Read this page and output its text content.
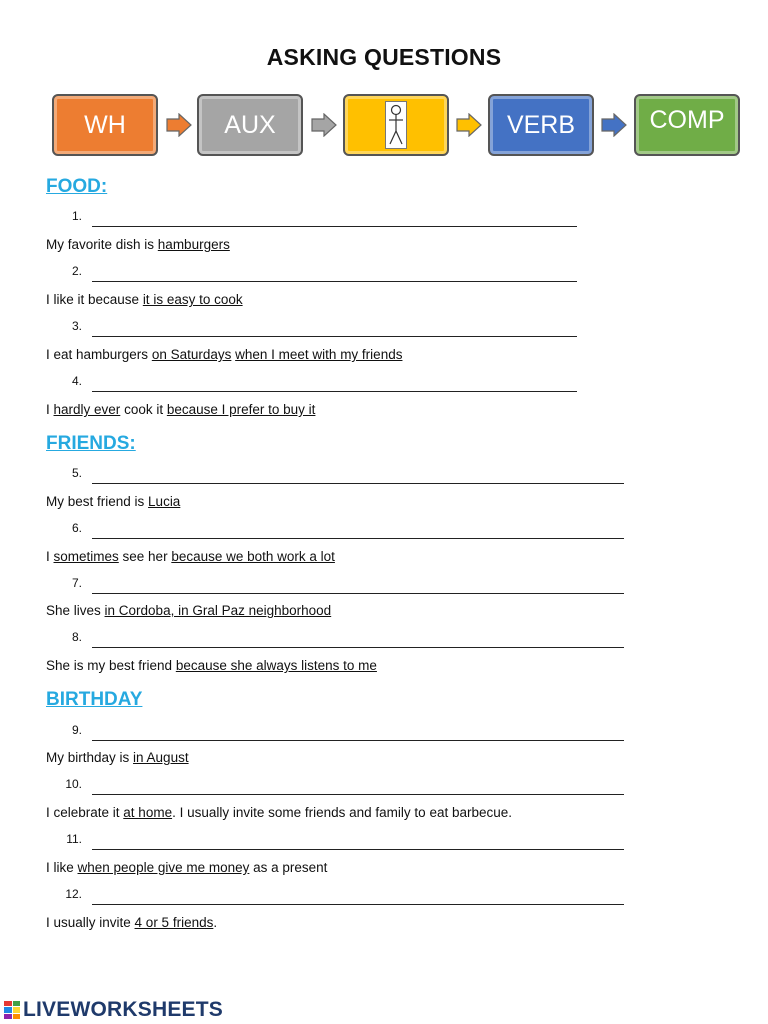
ASKING QUESTIONS
WH	AUX	VERB	COMP
FOOD:
FRIENDS:
BIRTHDAY
1.
2.
3.
4.
5.
6.
7.
8.
9.
10.
11.
12.
My favorite dish is hamburgers
I like it because it is easy to cook
I eat hamburgers on Saturdays when I meet with my friends
I hardly ever cook it because I prefer to buy it
My best friend is Lucia
I sometimes see her because we both work a lot
She lives in Cordoba, in Gral Paz neighborhood
She is my best friend because she always listens to me
My birthday is in August
I celebrate it at home. I usually invite some friends and family to eat barbecue.
I like when people give me money as a present
I usually invite 4 or 5 friends.
LIVEWORKSHEETS
